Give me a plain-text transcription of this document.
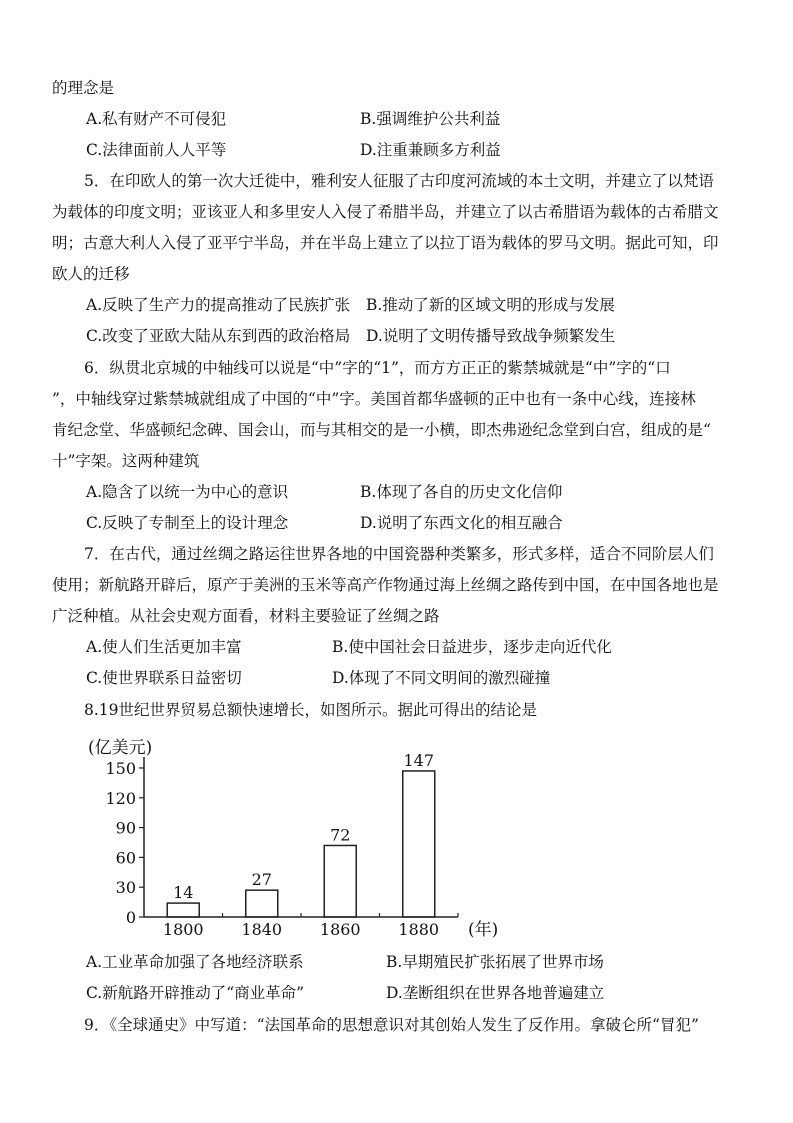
的理念是
A.私有财产不可侵犯	B.强调维护公共利益
C.法律面前人人平等	D.注重兼顾多方利益
5．在印欧人的第一次大迁徙中，雅利安人征服了古印度河流域的本土文明，并建立了以梵语
为载体的印度文明；亚该亚人和多里安人入侵了希腊半岛，并建立了以古希腊语为载体的古希腊文
明；古意大利人入侵了亚平宁半岛，并在半岛上建立了以拉丁语为载体的罗马文明。据此可知，印
欧人的迁移
A.反映了生产力的提高推动了民族扩张 B.推动了新的区域文明的形成与发展
C.改变了亚欧大陆从东到西的政治格局 D.说明了文明传播导致战争频繁发生
6．纵贯北京城的中轴线可以说是“中”字的“1”，而方方正正的紫禁城就是“中”字的“口
”，中轴线穿过紫禁城就组成了中国的“中”字。美国首都华盛顿的正中也有一条中心线，连接林
肯纪念堂、华盛顿纪念碑、国会山，而与其相交的是一小横，即杰弗逊纪念堂到白宫，组成的是“
十”字架。这两种建筑
A.隐含了以统一为中心的意识	B.体现了各自的历史文化信仰
C.反映了专制至上的设计理念	D.说明了东西文化的相互融合
7．在古代，通过丝绸之路运往世界各地的中国瓷器种类繁多，形式多样，适合不同阶层人们
使用；新航路开辟后，原产于美洲的玉米等高产作物通过海上丝绸之路传到中国，在中国各地也是
广泛种植。从社会史观方面看，材料主要验证了丝绸之路
A.使人们生活更加丰富	B.使中国社会日益进步，逐步走向近代化
C.使世界联系日益密切	D.体现了不同文明间的激烈碰撞
8.19世纪世界贸易总额快速增长，如图所示。据此可得出的结论是
(亿美元)
0
30
60
90
120
150
14
27
72
147
1800 1840 1860 1880 (年)
A.工业革命加强了各地经济联系	B.早期殖民扩张拓展了世界市场
C.新航路开辟推动了“商业革命”	D.垄断组织在世界各地普遍建立
9．《全球通史》中写道：“法国革命的思想意识对其创始人发生了反作用。拿破仑所“冒犯”
